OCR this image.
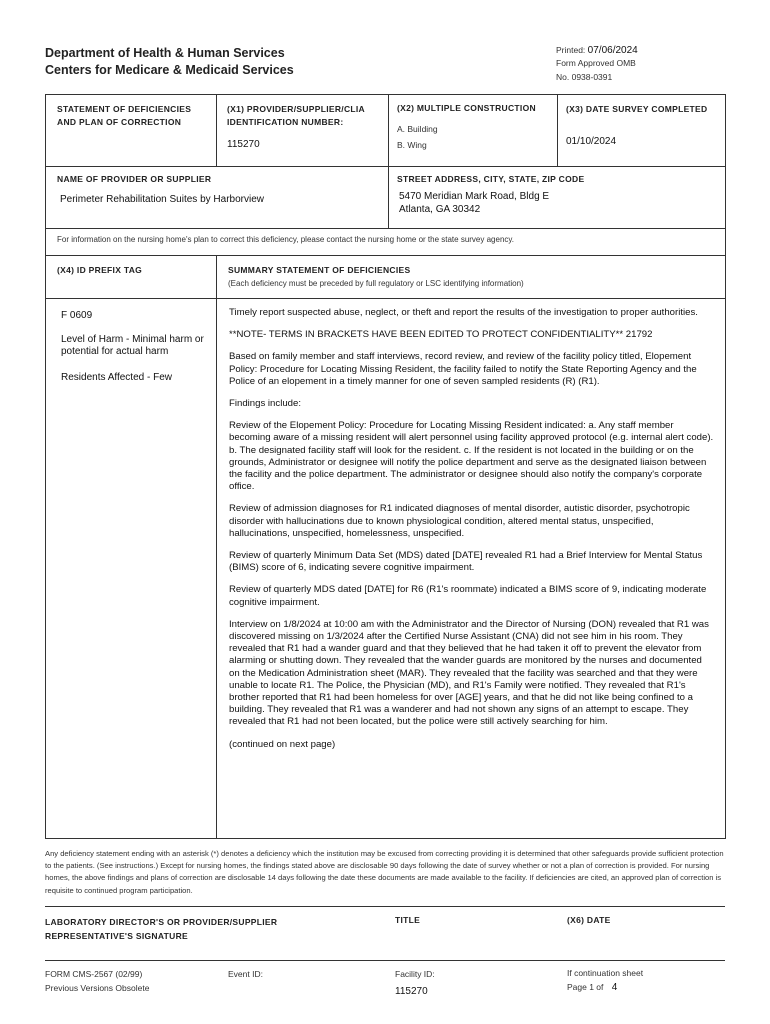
Department of Health & Human Services
Centers for Medicare & Medicaid Services
Printed: 07/06/2024
Form Approved OMB
No. 0938-0391
STATEMENT OF DEFICIENCIES AND PLAN OF CORRECTION
(X1) PROVIDER/SUPPLIER/CLIA IDENTIFICATION NUMBER:
115270
(X2) MULTIPLE CONSTRUCTION
A. Building
B. Wing
(X3) DATE SURVEY COMPLETED
01/10/2024
NAME OF PROVIDER OR SUPPLIER
Perimeter Rehabilitation Suites by Harborview
STREET ADDRESS, CITY, STATE, ZIP CODE
5470 Meridian Mark Road, Bldg E
Atlanta, GA 30342
For information on the nursing home's plan to correct this deficiency, please contact the nursing home or the state survey agency.
(X4) ID PREFIX TAG	SUMMARY STATEMENT OF DEFICIENCIES
(Each deficiency must be preceded by full regulatory or LSC identifying information)
F 0609
Level of Harm - Minimal harm or potential for actual harm
Residents Affected - Few

Timely report suspected abuse, neglect, or theft and report the results of the investigation to proper authorities.

**NOTE- TERMS IN BRACKETS HAVE BEEN EDITED TO PROTECT CONFIDENTIALITY** 21792

Based on family member and staff interviews, record review, and review of the facility policy titled, Elopement Policy: Procedure for Locating Missing Resident, the facility failed to notify the State Reporting Agency and the Police of an elopement in a timely manner for one of seven sampled residents (R) (R1).

Findings include:

Review of the Elopement Policy: Procedure for Locating Missing Resident indicated: a. Any staff member becoming aware of a missing resident will alert personnel using facility approved protocol (e.g. internal alert code). b. The designated facility staff will look for the resident. c. If the resident is not located in the building or on the grounds, Administrator or designee will notify the police department and serve as the designated liaison between the facility and the police department. The administrator or designee should also notify the company's corporate office.

Review of admission diagnoses for R1 indicated diagnoses of mental disorder, autistic disorder, psychotropic disorder with hallucinations due to known physiological condition, altered mental status, unspecified, hallucinations, unspecified, homelessness, unspecified.

Review of quarterly Minimum Data Set (MDS) dated [DATE] revealed R1 had a Brief Interview for Mental Status (BIMS) score of 6, indicating severe cognitive impairment.

Review of quarterly MDS dated [DATE] for R6 (R1's roommate) indicated a BIMS score of 9, indicating moderate cognitive impairment.

Interview on 1/8/2024 at 10:00 am with the Administrator and the Director of Nursing (DON) revealed that R1 was discovered missing on 1/3/2024 after the Certified Nurse Assistant (CNA) did not see him in his room. They revealed that R1 had a wander guard and that they believed that he had taken it off to prevent the elevator from alarming or shutting down. They revealed that the wander guards are monitored by the nurses and documented on the Medication Administration sheet (MAR). They revealed that the facility was searched and that they were unable to locate R1. The Police, the Physician (MD), and R1's Family were notified. They revealed that R1's brother reported that R1 had been homeless for over [AGE] years, and that he did not like being confined to a building. They revealed that R1 was a wanderer and had not shown any signs of an attempt to escape. They revealed that R1 had not been located, but the police were still actively searching for him.

(continued on next page)

Any deficiency statement ending with an asterisk (*) denotes a deficiency which the institution may be excused from correcting providing it is determined that other safeguards provide sufficient protection to the patients. (See instructions.) Except for nursing homes, the findings stated above are disclosable 90 days following the date of survey whether or not a plan of correction is provided. For nursing homes, the above findings and plans of correction are disclosable 14 days following the date these documents are made available to the facility. If deficiencies are cited, an approved plan of correction is requisite to continued program participation.
LABORATORY DIRECTOR'S OR PROVIDER/SUPPLIER REPRESENTATIVE'S SIGNATURE
TITLE	(X6) DATE
FORM CMS-2567 (02/99)
Previous Versions Obsolete
Event ID:	Facility ID:
115270
If continuation sheet
Page 1 of 4
